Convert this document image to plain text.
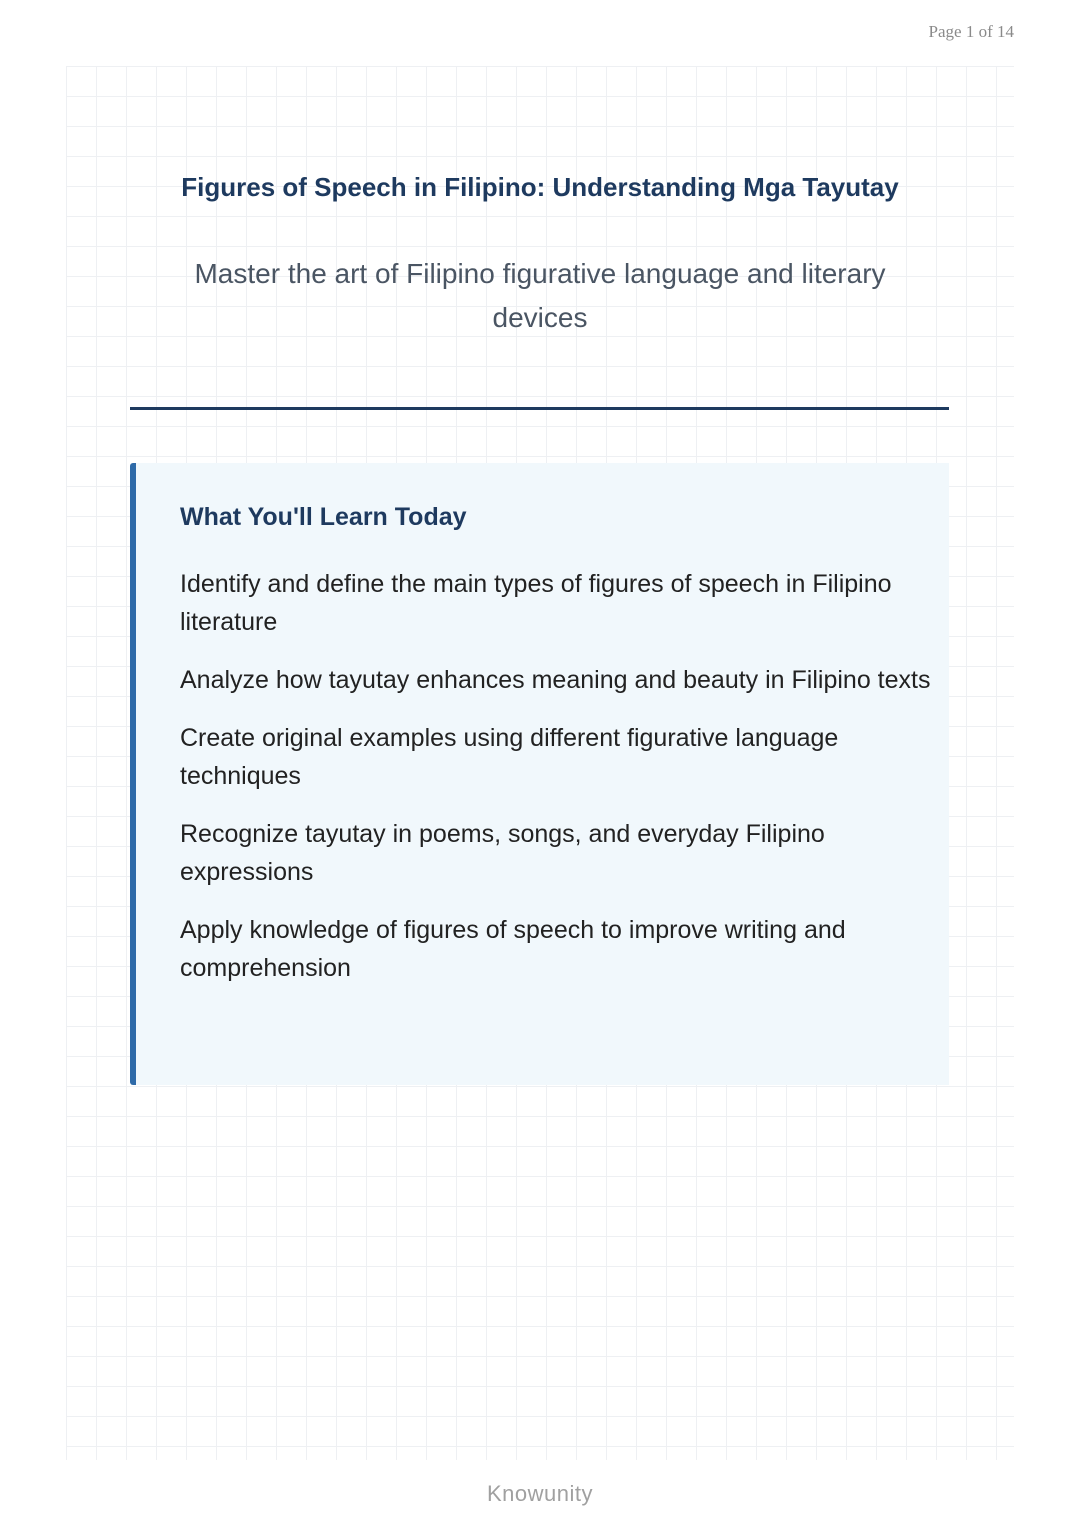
Page 1 of 14
Figures of Speech in Filipino: Understanding Mga Tayutay

Master the art of Filipino figurative language and literary devices

What You'll Learn Today
Identify and define the main types of figures of speech in Filipino literature
Analyze how tayutay enhances meaning and beauty in Filipino texts
Create original examples using different figurative language techniques
Recognize tayutay in poems, songs, and everyday Filipino expressions
Apply knowledge of figures of speech to improve writing and comprehension
Knowunity
